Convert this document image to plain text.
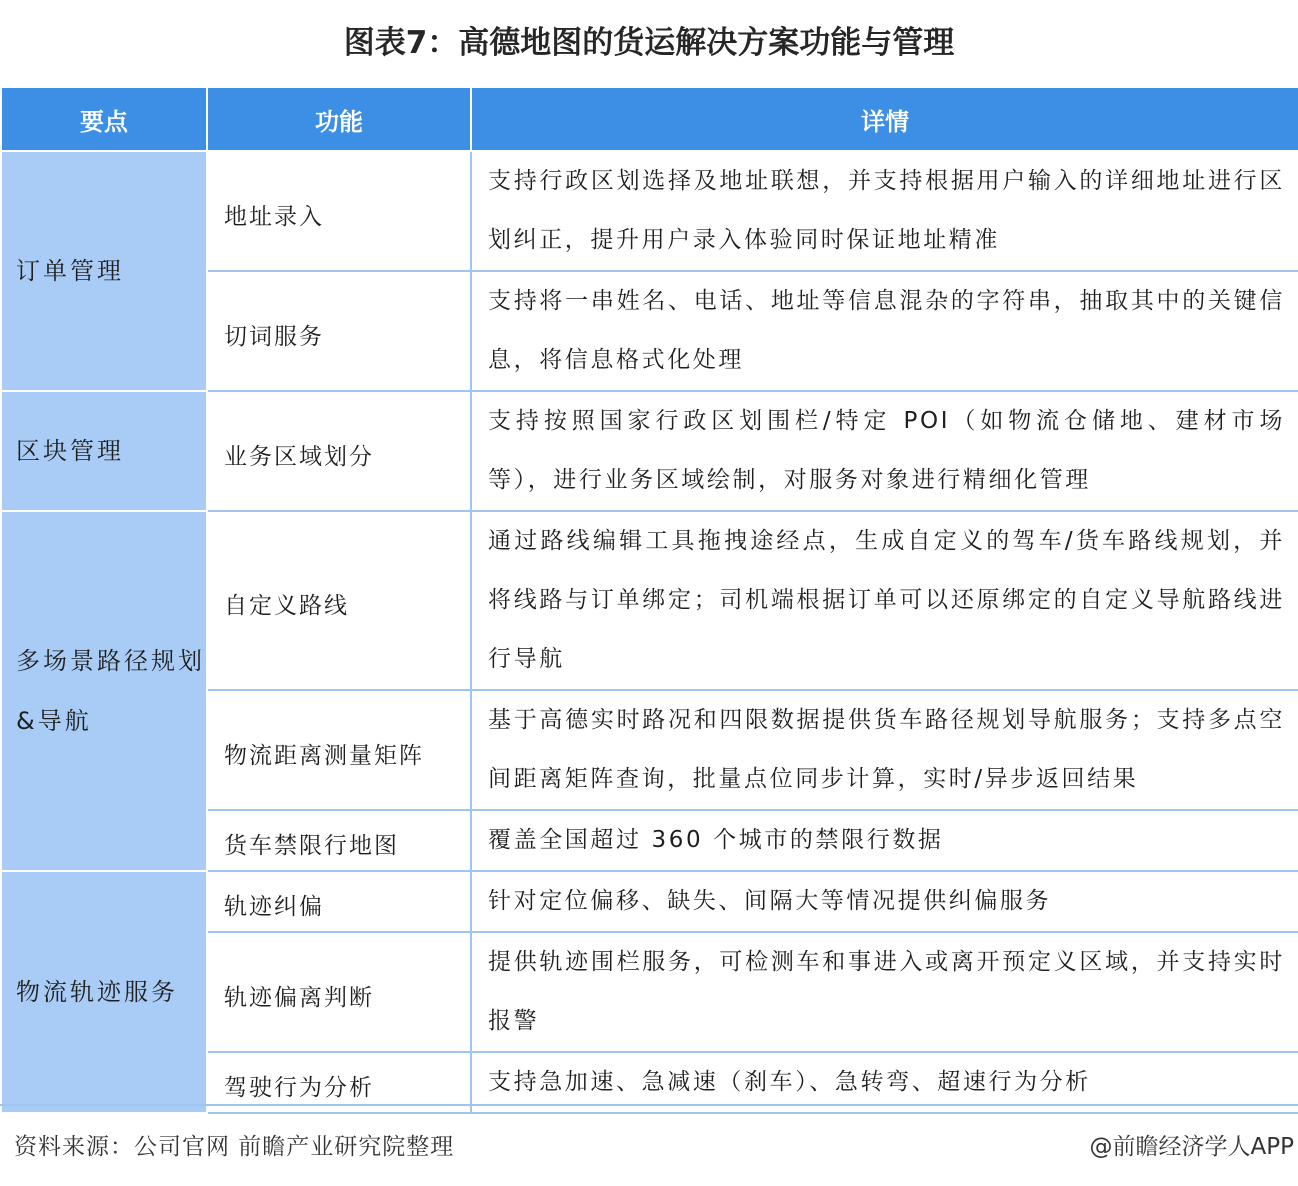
图表7：高德地图的货运解决方案功能与管理
要点	功能	详情
订单管理	地址录入	支持行政区划选择及地址联想，并支持根据用户输入的详细地址进行区划纠正，提升用户录入体验同时保证地址精准
	切词服务	支持将一串姓名、电话、地址等信息混杂的字符串，抽取其中的关键信息，将信息格式化处理
区块管理	业务区域划分	支持按照国家行政区划围栏/特定 POI（如物流仓储地、建材市场等），进行业务区域绘制，对服务对象进行精细化管理
多场景路径规划&导航	自定义路线	通过路线编辑工具拖拽途经点，生成自定义的驾车/货车路线规划，并将线路与订单绑定；司机端根据订单可以还原绑定的自定义导航路线进行导航
	物流距离测量矩阵	基于高德实时路况和四限数据提供货车路径规划导航服务；支持多点空间距离矩阵查询，批量点位同步计算，实时/异步返回结果
	货车禁限行地图	覆盖全国超过 360 个城市的禁限行数据
物流轨迹服务	轨迹纠偏	针对定位偏移、缺失、间隔大等情况提供纠偏服务
	轨迹偏离判断	提供轨迹围栏服务，可检测车和事进入或离开预定义区域，并支持实时报警
	驾驶行为分析	支持急加速、急减速（刹车）、急转弯、超速行为分析
资料来源：公司官网 前瞻产业研究院整理	@前瞻经济学人APP
